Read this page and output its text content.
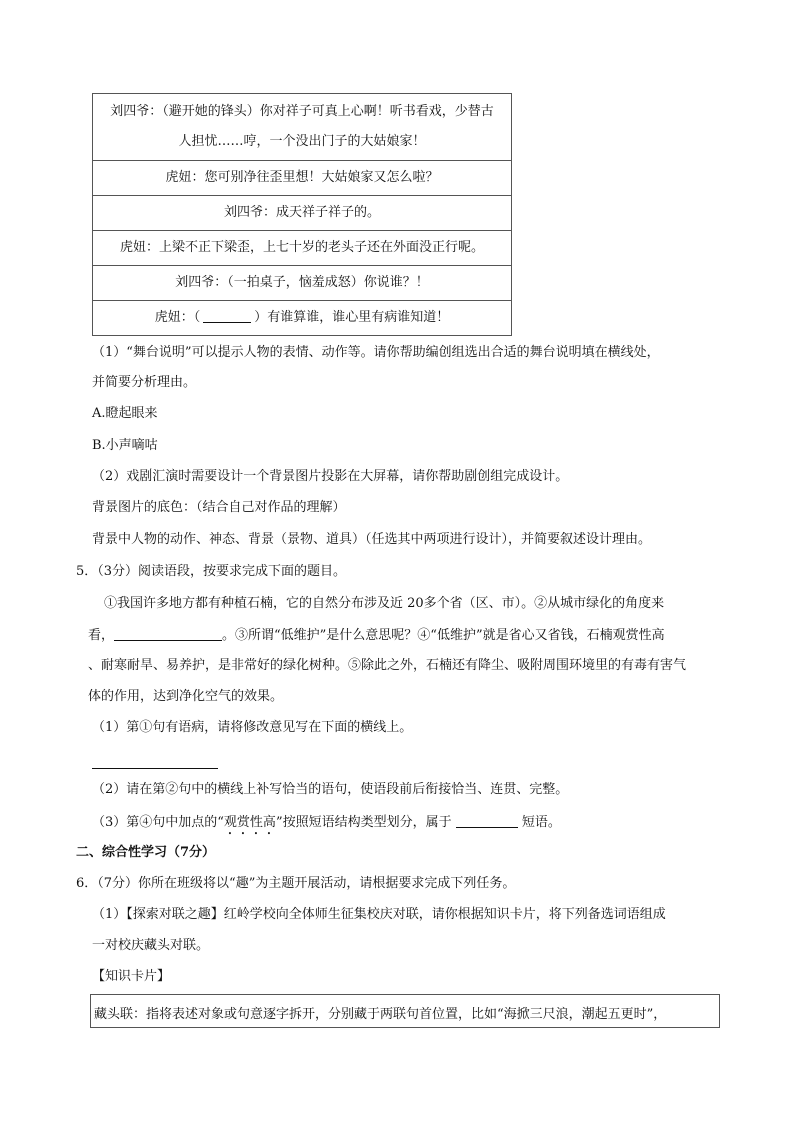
刘四爷：（避开她的锋头）你对祥子可真上心啊！听书看戏，少替古
人担忧……哼，一个没出门子的大姑娘家！

虎妞：您可别净往歪里想！大姑娘家又怎么啦？
刘四爷：成天祥子祥子的。
虎妞：上梁不正下梁歪，上七十岁的老头子还在外面没正行呢。
刘四爷：（一拍桌子，恼羞成怒）你说谁？！
虎妞：（	）有谁算谁，谁心里有病谁知道！
（1）“舞台说明”可以提示人物的表情、动作等。请你帮助编创组选出合适的舞台说明填在横线处，
并简要分析理由。
A.瞪起眼来
B.小声嘀咕
（2）戏剧汇演时需要设计一个背景图片投影在大屏幕，请你帮助剧创组完成设计。
背景图片的底色：（结合自己对作品的理解）
背景中人物的动作、神态、背景（景物、道具）（任选其中两项进行设计），并简要叙述设计理由。
5．（3分）阅读语段，按要求完成下面的题目。
①我国许多地方都有种植石楠，它的自然分布涉及近 20多个省（区、市）。②从城市绿化的角度来
看，	。③所谓“低维护”是什么意思呢？④“低维护”就是省心又省钱，石楠观赏性高
、耐寒耐旱、易养护，是非常好的绿化树种。⑤除此之外，石楠还有降尘、吸附周围环境里的有毒有害气
体的作用，达到净化空气的效果。
（1）第①句有语病，请将修改意见写在下面的横线上。
（2）请在第②句中的横线上补写恰当的语句，使语段前后衔接恰当、连贯、完整。
（3）第④句中加点的“观赏性高”按照短语结构类型划分，属于	短语。
二、综合性学习（7分）
6．（7分）你所在班级将以“趣”为主题开展活动，请根据要求完成下列任务。
（1）【探索对联之趣】红岭学校向全体师生征集校庆对联，请你根据知识卡片，将下列备选词语组成
一对校庆藏头对联。
【知识卡片】
藏头联：指将表述对象或句意逐字拆开，分别藏于两联句首位置，比如“海掀三尺浪，潮起五更时”，
